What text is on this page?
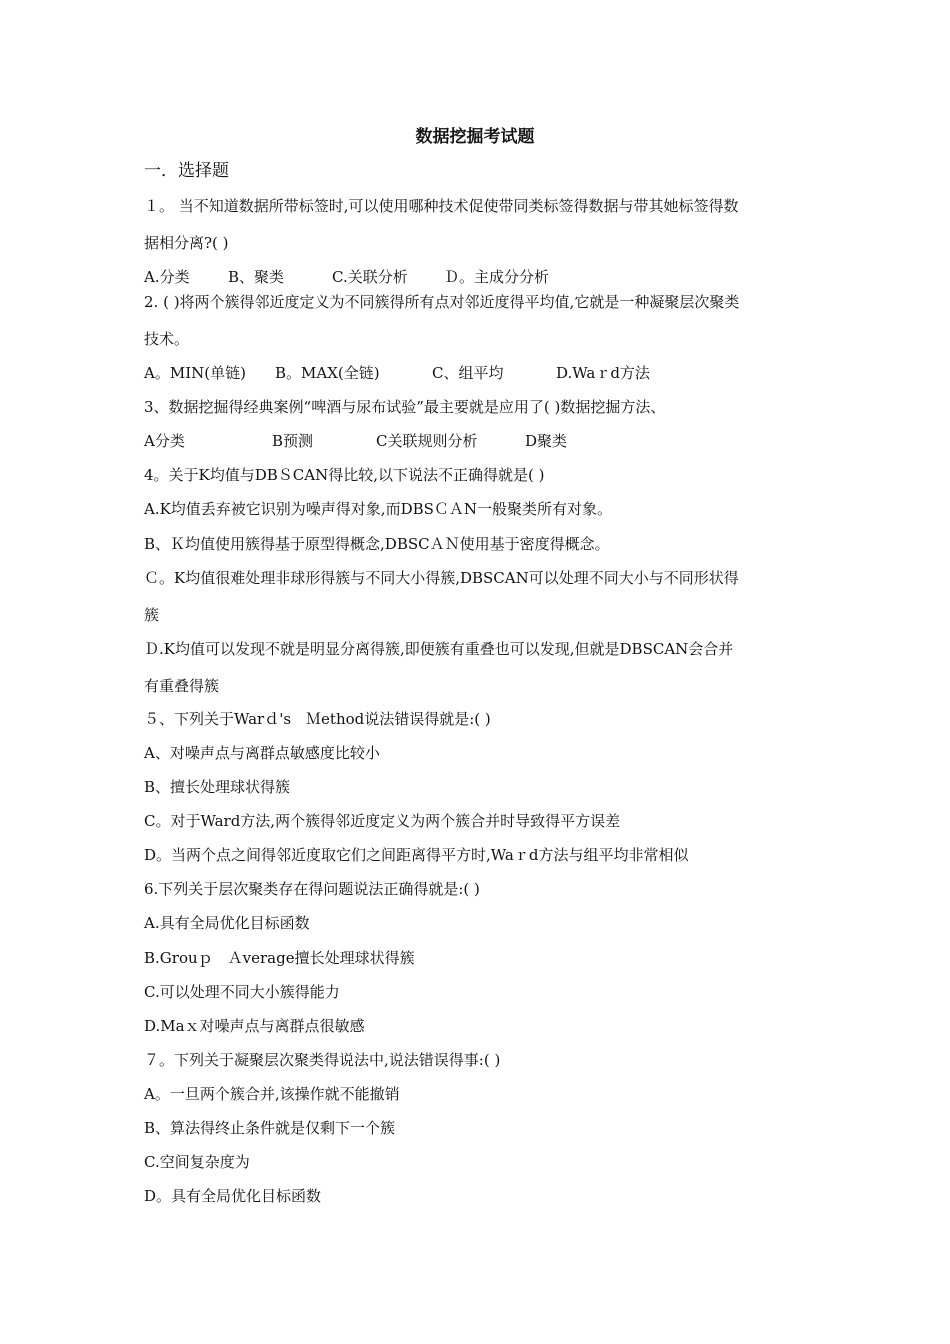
数据挖掘考试题
一．选择题
１。 当不知道数据所带标签时,可以使用哪种技术促使带同类标签得数据与带其她标签得数
据相分离?( )
A.分类	B、聚类	C.关联分析 Ｄ。主成分分析
2. ( )将两个簇得邻近度定义为不同簇得所有点对邻近度得平均值,它就是一种凝聚层次聚类
技术。
A。MIN(单链) B。MAX(全链)	C、组平均	D.Waｒd方法
3、数据挖掘得经典案例“啤酒与尿布试验”最主要就是应用了( )数据挖掘方法、
A分类	B预测	C关联规则分析	D聚类
4。关于K均值与DBＳCAN得比较,以下说法不正确得就是( )
A.K均值丢弃被它识别为噪声得对象,而DBSＣＡN一般聚类所有对象。
B、Ｋ均值使用簇得基于原型得概念,DBSCＡＮ使用基于密度得概念。
Ｃ。K均值很难处理非球形得簇与不同大小得簇,DBSCAN可以处理不同大小与不同形状得
簇
Ｄ.K均值可以发现不就是明显分离得簇,即便簇有重叠也可以发现,但就是DBSCAN会合并
有重叠得簇
５、下列关于Warｄ's　Ｍethod说法错误得就是:( )
A、对噪声点与离群点敏感度比较小
B、擅长处理球状得簇
C。对于Ward方法,两个簇得邻近度定义为两个簇合并时导致得平方误差
D。当两个点之间得邻近度取它们之间距离得平方时,Waｒd方法与组平均非常相似
6.下列关于层次聚类存在得问题说法正确得就是:( )
A.具有全局优化目标函数
B.Grouｐ　Ａverage擅长处理球状得簇
C.可以处理不同大小簇得能力
D.Maｘ对噪声点与离群点很敏感
７。下列关于凝聚层次聚类得说法中,说法错误得事:( )
A。一旦两个簇合并,该操作就不能撤销
B、算法得终止条件就是仅剩下一个簇
C.空间复杂度为
D。具有全局优化目标函数
